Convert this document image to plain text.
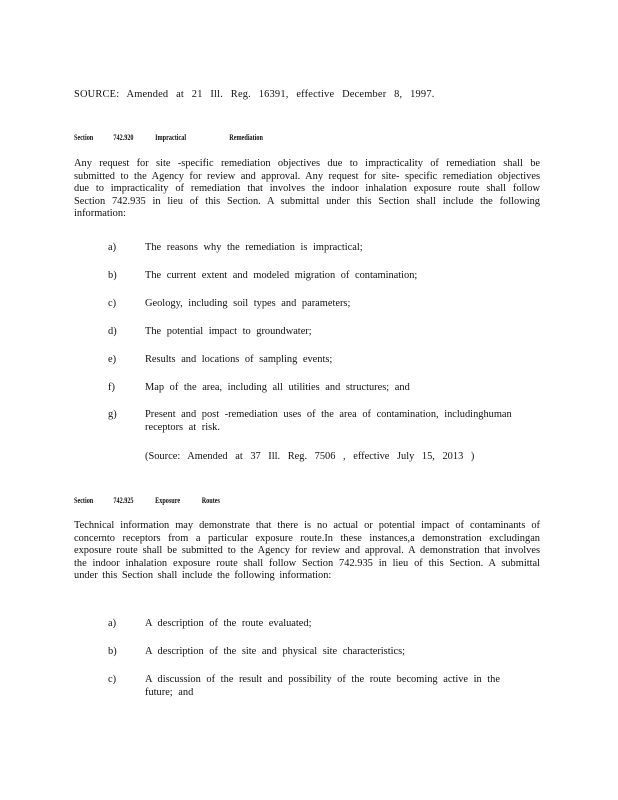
SOURCE: Amended at 21 Ill. Reg. 16391, effective December 8, 1997.
Section 742.920	Impractical	Remediation
Any request for site -specific remediation objectives due to impracticality of remediation shall be submitted to the Agency for review and approval. Any request for site- specific remediation objectives due to impracticality of remediation that involves the indoor inhalation exposure route shall follow Section 742.935 in lieu of this Section. A submittal under this Section shall include the following information:
a)	The reasons why the remediation is impractical;
b)	The current extent and modeled migration of contamination;
c)	Geology, including soil types and parameters;
d)	The potential impact to groundwater;
e)	Results and locations of sampling events;
f)	Map of the area, including all utilities and structures; and
g)	Present and post -remediation uses of the area of contamination, includinghuman receptors at risk.
(Source: Amended at 37 Ill. Reg. 7506 , effective July 15, 2013 )
Section 742.925	Exposure	Routes
Technical information may demonstrate that there is no actual or potential impact of contaminants of concernto receptors from a particular exposure route.In these instances,a demonstration excludingan exposure route shall be submitted to the Agency for review and approval. A demonstration that involves the indoor inhalation exposure route shall follow Section 742.935 in lieu of this Section. A submittal under this Section shall include the following information:
a)	A description of the route evaluated;
b)	A description of the site and physical site characteristics;
c)	A discussion of the result and possibility of the route becoming active in the future; and
